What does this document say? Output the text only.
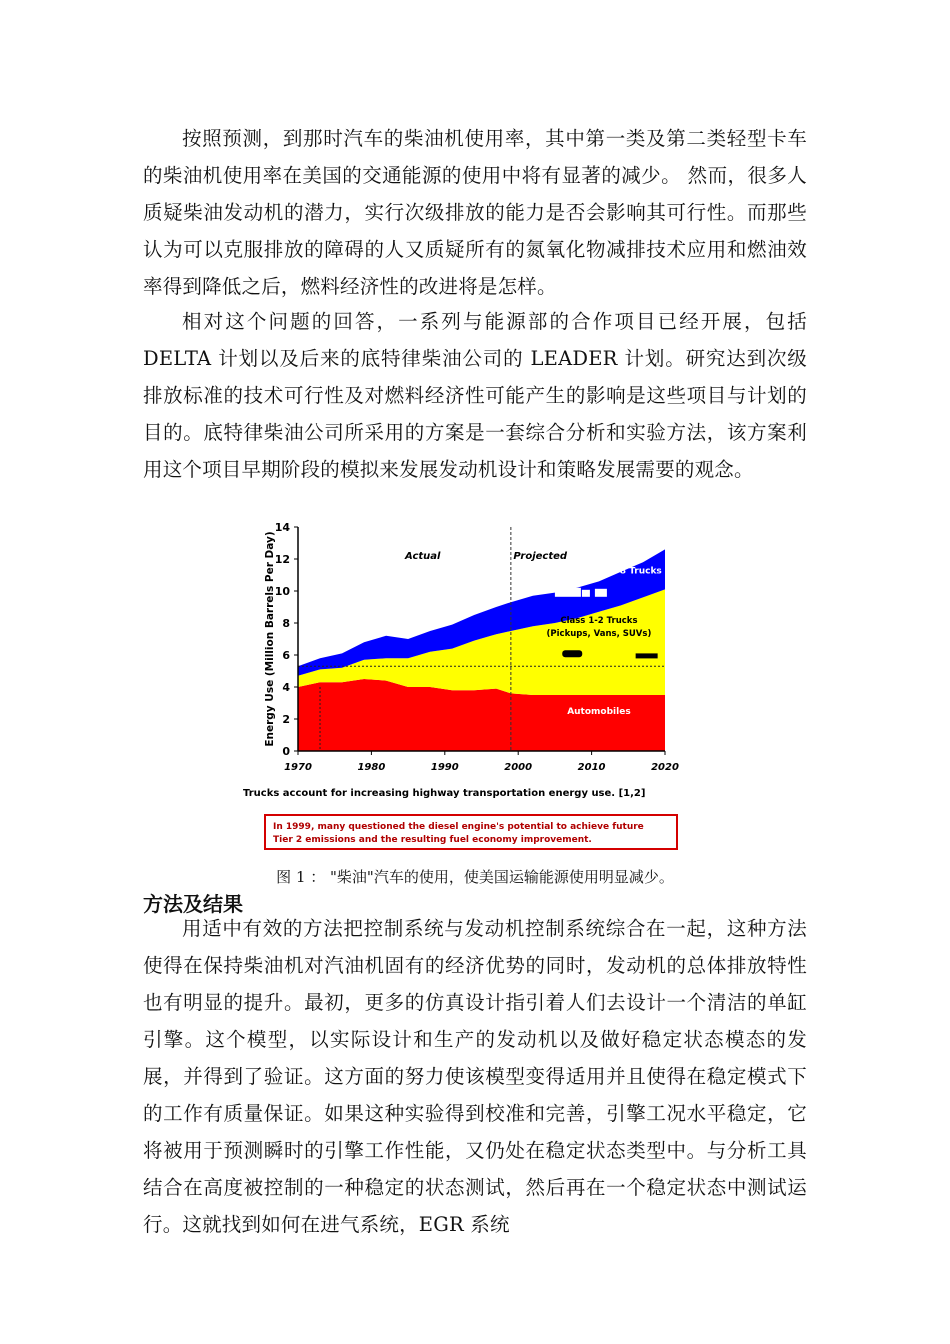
按照预测，到那时汽车的柴油机使用率，其中第一类及第二类轻型卡车的柴油机使用率在美国的交通能源的使用中将有显著的减少。 然而，很多人质疑柴油发动机的潜力，实行次级排放的能力是否会影响其可行性。而那些认为可以克服排放的障碍的人又质疑所有的氮氧化物减排技术应用和燃油效率得到降低之后，燃料经济性的改进将是怎样。

相对这个问题的回答，一系列与能源部的合作项目已经开展，包括 DELTA 计划以及后来的底特律柴油公司的 LEADER 计划。研究达到次级排放标准的技术可行性及对燃料经济性可能产生的影响是这些项目与计划的目的。底特律柴油公司所采用的方案是一套综合分析和实验方法，该方案利用这个项目早期阶段的模拟来发展发动机设计和策略发展需要的观念。

0
2
4
6
8
10
12
14
1970	1980	1990	2000	2010	2020
Energy Use (Million Barrels Per Day)	Actual	Projected
Class 3-8 Trucks
Class 1-2 Trucks
(Pickups, Vans, SUVs)
Automobiles
Trucks account for increasing highway transportation energy use. [1,2]
In 1999, many questioned the diesel engine's potential to achieve future
Tier 2 emissions and the resulting fuel economy improvement.
图 1 ： "柴油"汽车的使用，使美国运输能源使用明显减少。
方法及结果

用适中有效的方法把控制系统与发动机控制系统综合在一起，这种方法使得在保持柴油机对汽油机固有的经济优势的同时，发动机的总体排放特性也有明显的提升。最初，更多的仿真设计指引着人们去设计一个清洁的单缸引擎。这个模型，以实际设计和生产的发动机以及做好稳定状态模态的发展，并得到了验证。这方面的努力使该模型变得适用并且使得在稳定模式下的工作有质量保证。如果这种实验得到校准和完善，引擎工况水平稳定，它将被用于预测瞬时的引擎工作性能，又仍处在稳定状态类型中。与分析工具结合在高度被控制的一种稳定的状态测试，然后再在一个稳定状态中测试运行。这就找到如何在进气系统，EGR 系统
